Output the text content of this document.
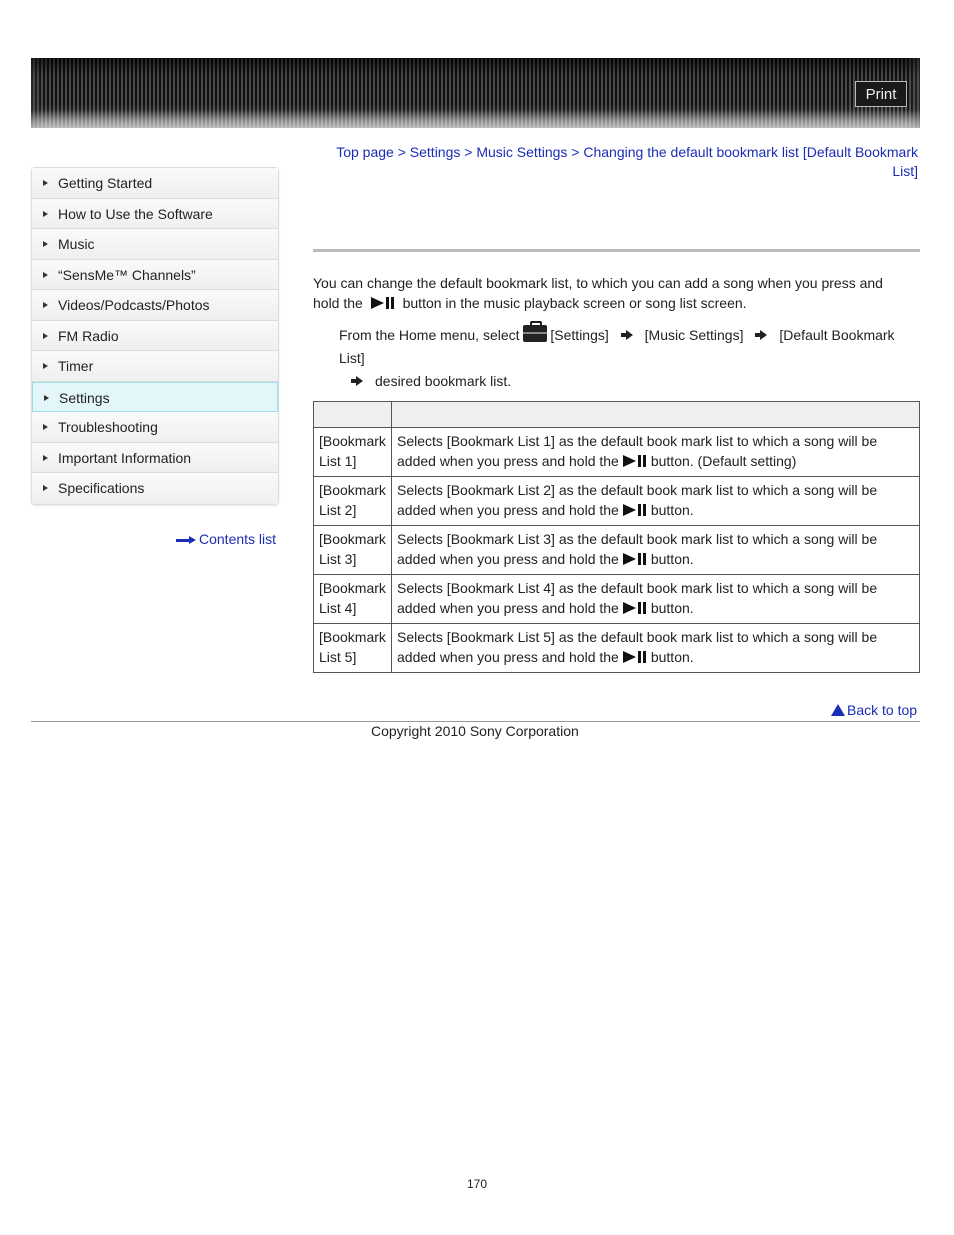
Print
Getting Started
How to Use the Software
Music
“SensMe™ Channels”
Videos/Podcasts/Photos
FM Radio
Timer
Settings
Troubleshooting
Important Information
Specifications
Contents list
Top page > Settings > Music Settings > Changing the default bookmark list [Default Bookmark List]
You can change the default bookmark list, to which you can add a song when you press and hold the	button in the music playback screen or song list screen.
From the Home menu, select [Settings]	[Music Settings]	[Default Bookmark List]
desired bookmark list.

[Bookmark List 1]	Selects [Bookmark List 1] as the default book mark list to which a song will be added when you press and hold the button. (Default setting)
[Bookmark List 2]	Selects [Bookmark List 2] as the default book mark list to which a song will be added when you press and hold the button.
[Bookmark List 3]	Selects [Bookmark List 3] as the default book mark list to which a song will be added when you press and hold the button.
[Bookmark List 4]	Selects [Bookmark List 4] as the default book mark list to which a song will be added when you press and hold the button.
[Bookmark List 5]	Selects [Bookmark List 5] as the default book mark list to which a song will be added when you press and hold the button.
Back to top
Copyright 2010 Sony Corporation
170
